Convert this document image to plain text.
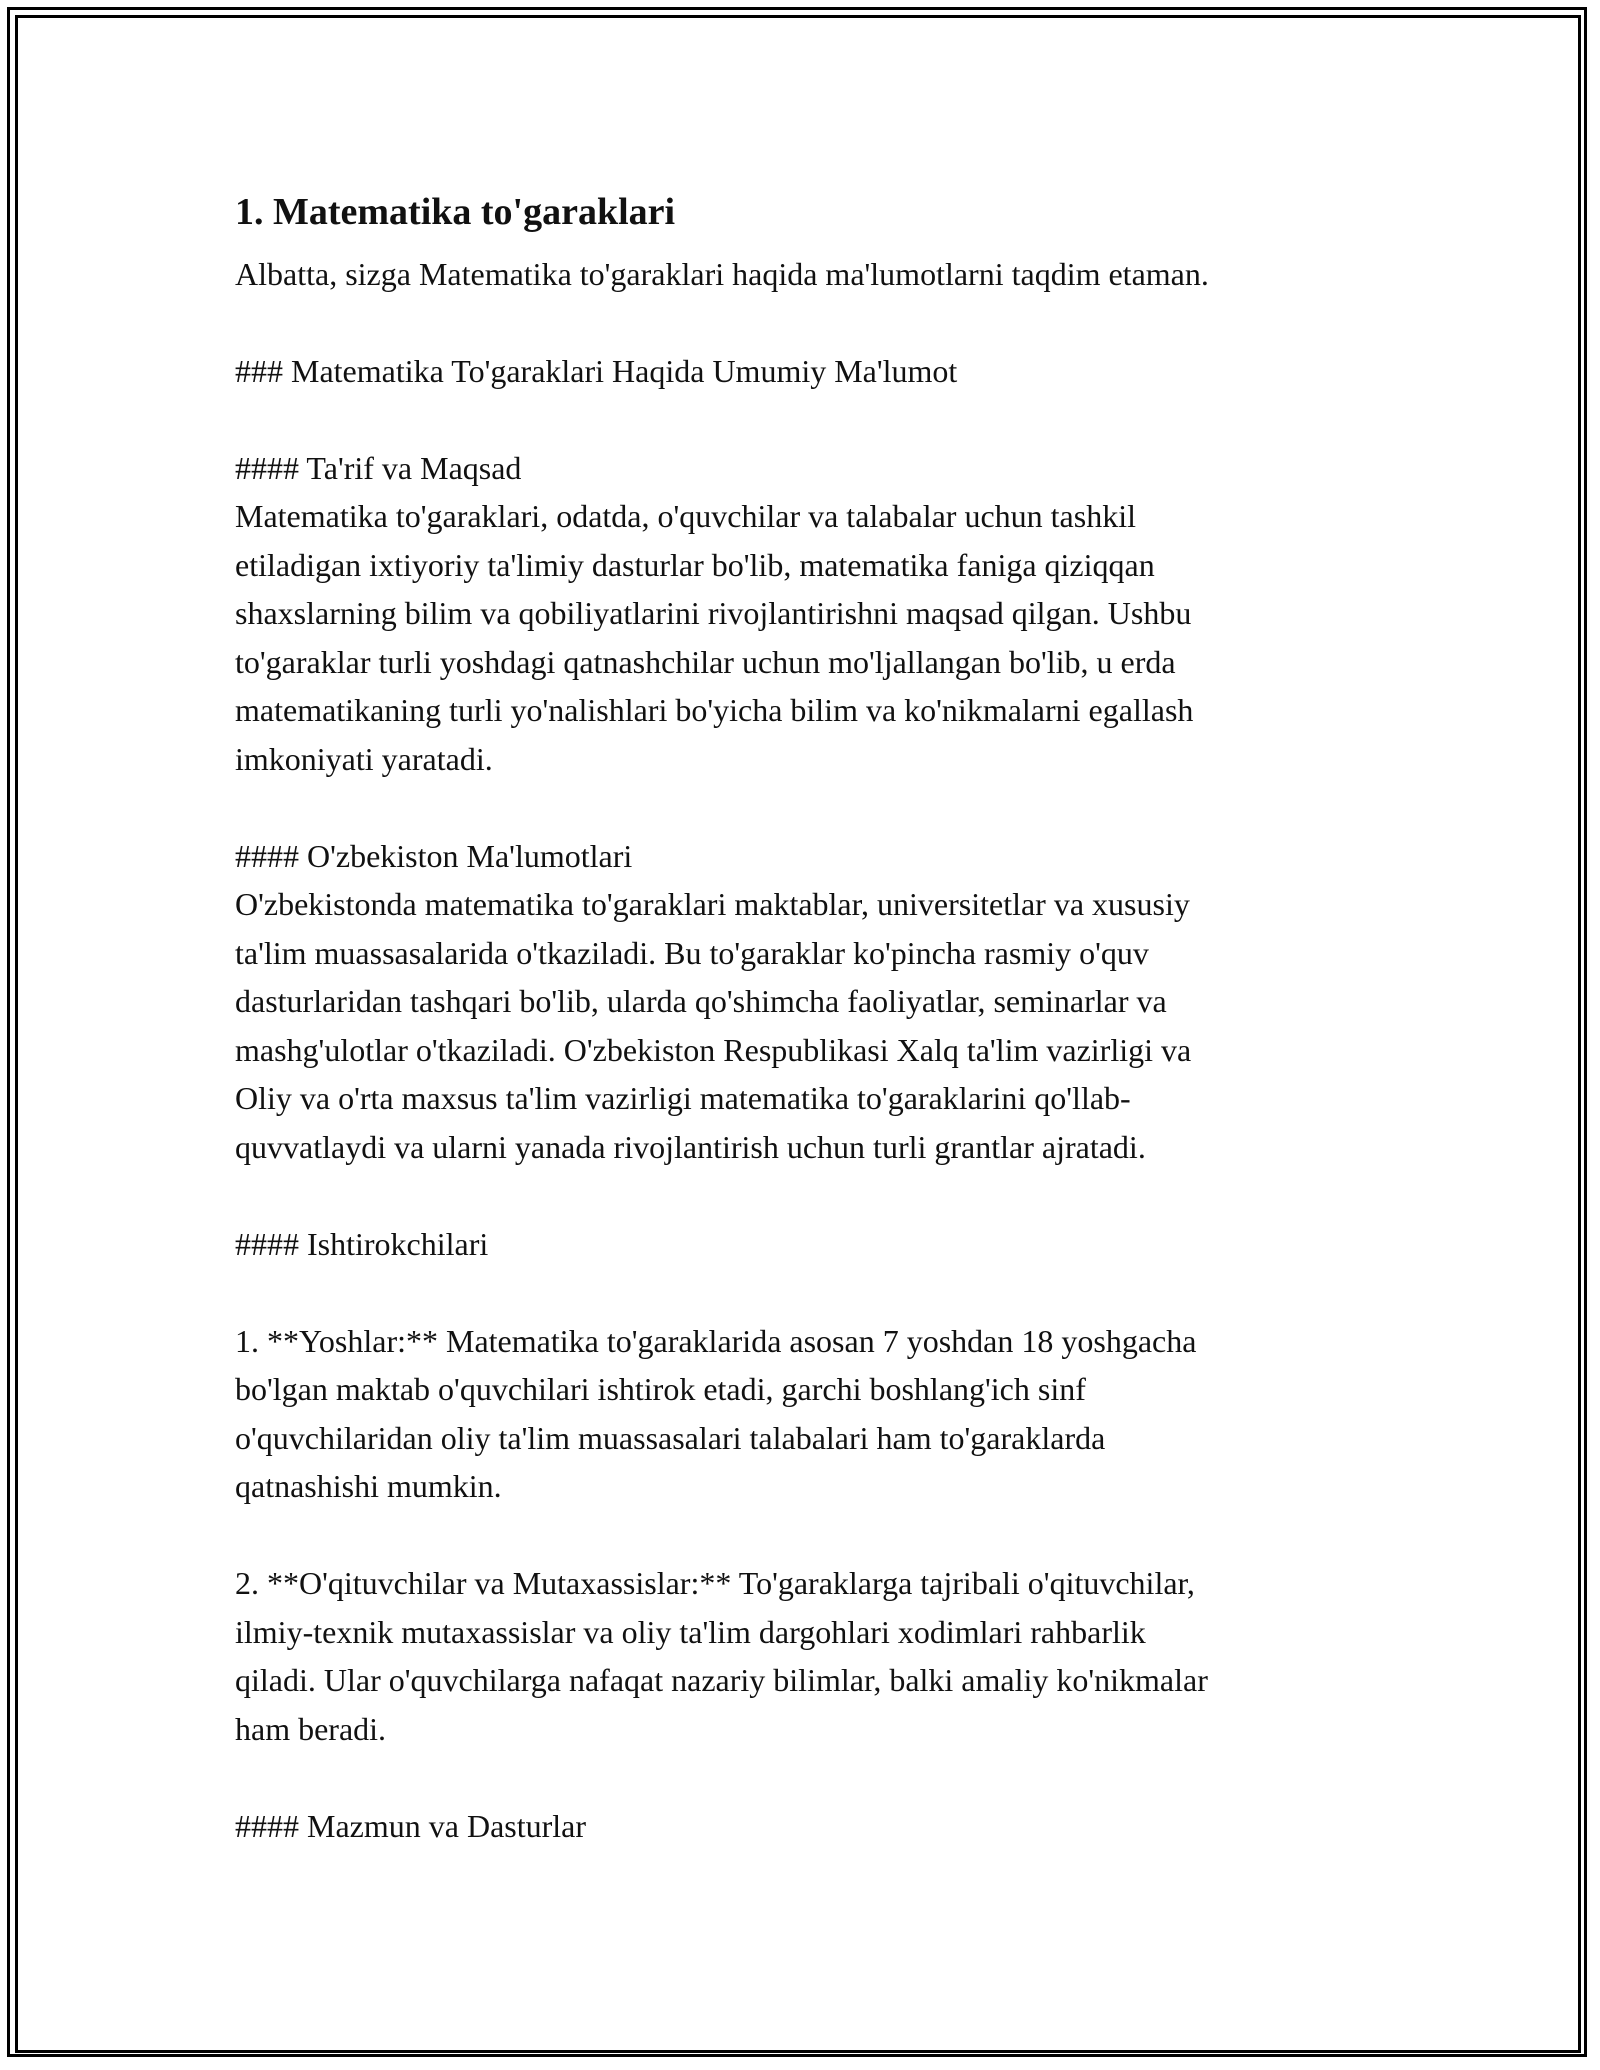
1. Matematika to'garaklari

Albatta, sizga Matematika to'garaklari haqida ma'lumotlarni taqdim etaman.

### Matematika To'garaklari Haqida Umumiy Ma'lumot

#### Ta'rif va Maqsad
Matematika to'garaklari, odatda, o'quvchilar va talabalar uchun tashkil
etiladigan ixtiyoriy ta'limiy dasturlar bo'lib, matematika faniga qiziqqan
shaxslarning bilim va qobiliyatlarini rivojlantirishni maqsad qilgan. Ushbu
to'garaklar turli yoshdagi qatnashchilar uchun mo'ljallangan bo'lib, u erda
matematikaning turli yo'nalishlari bo'yicha bilim va ko'nikmalarni egallash
imkoniyati yaratadi.

#### O'zbekiston Ma'lumotlari
O'zbekistonda matematika to'garaklari maktablar, universitetlar va xususiy
ta'lim muassasalarida o'tkaziladi. Bu to'garaklar ko'pincha rasmiy o'quv
dasturlaridan tashqari bo'lib, ularda qo'shimcha faoliyatlar, seminarlar va
mashg'ulotlar o'tkaziladi. O'zbekiston Respublikasi Xalq ta'lim vazirligi va
Oliy va o'rta maxsus ta'lim vazirligi matematika to'garaklarini qo'llab-
quvvatlaydi va ularni yanada rivojlantirish uchun turli grantlar ajratadi.

#### Ishtirokchilari

1. **Yoshlar:** Matematika to'garaklarida asosan 7 yoshdan 18 yoshgacha
bo'lgan maktab o'quvchilari ishtirok etadi, garchi boshlang'ich sinf
o'quvchilaridan oliy ta'lim muassasalari talabalari ham to'garaklarda
qatnashishi mumkin.

2. **O'qituvchilar va Mutaxassislar:** To'garaklarga tajribali o'qituvchilar,
ilmiy-texnik mutaxassislar va oliy ta'lim dargohlari xodimlari rahbarlik
qiladi. Ular o'quvchilarga nafaqat nazariy bilimlar, balki amaliy ko'nikmalar
ham beradi.

#### Mazmun va Dasturlar
